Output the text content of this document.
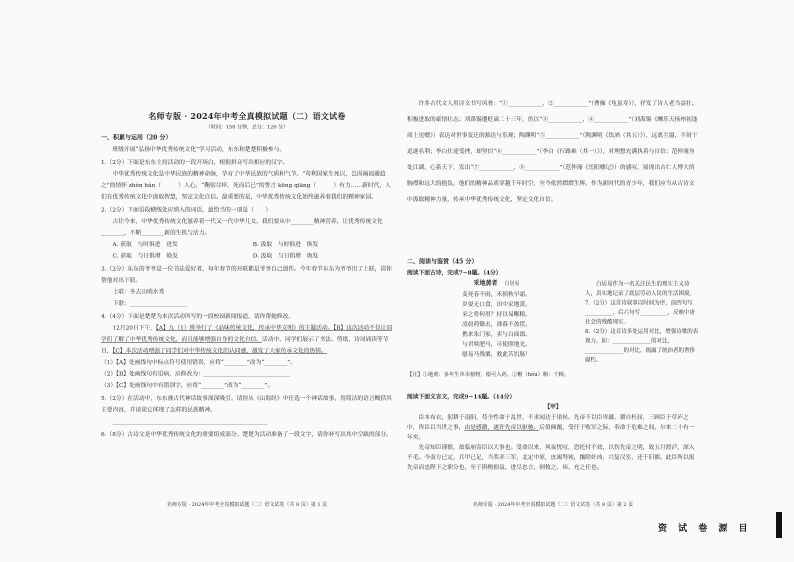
名师专版 · 2024年中考全真模拟试题（二）语文试卷
（时间：150 分钟，总分：120 分）
一、积累与运用（20 分）
班级开展“弘扬中华优秀传统文化”学习活动，东东和楚楚积极参与。
1.（2分）下面是东东主持活动的一段开场白，根据拼音写出相应的汉字。
中华优秀传统文化是中华民族的精神命脉，孕育了中华民族的气质和气节。“苟利国家生死以，岂因祸福避趋之”的情怀 zhèn hàn（　　　）人心，“鞠躬尽瘁，死而后已”的誓言 kēng qiāng（　　　）有力……新时代，人们在优秀传统文化中汲取智慧，坚定文化自信。最重要的是，中华优秀传统文化始终滋养着我们的精神家园。
2.（2分）下面语段横线处应填入的词语，最恰当的一项是（　　）
古往今来，中华优秀传统文化滋养着一代又一代中华儿女。我们要从中________精神营养，让优秀传统文化________，不断________新的生机与活力。
A. 获取　与时俱进　迸发	B. 汲取　与时俱进　焕发
C. 获取　与日俱增　焕发	D. 汲取　与日俱增　焕发
3.（2分）东东的爷爷是一位书法爱好者，每年春节的对联都是爷爷自己创作。今年春节东东为爷爷出了上联，请你帮他对出下联。
上联：冬去山明水秀
下联：____________________
4.（4分）下面是楚楚为本次活动所写的一段校园新闻报道，请你帮她修改。
12月20日下午，【A】九（1）班举行了《品味传统文化，传承中华文明》的主题活动。【B】这次活动不仅让同学们了解了中华优秀传统文化，而且能够增强自身的文化自信。活动中，同学们展示了书法、剪纸、诗词诵读等节目，【C】本次活动增强了同学们对中华传统文化的认同感，激发了大家传承文化的热情。
（1）【A】处画线句中标点符号使用错误，应将“________”改为“________”。
（2）【B】处画线句有语病，应修改为：______________________________
（3）【C】处画线句中有错别字，应将“________”改为“________”。
5.（2分）在活动中，东东被古代神话故事深深吸引。请你从《山海经》中任选一个神话故事，用简洁的语言概括其主要内容，并谈谈它体现了怎样的民族精神。
______________________________________________________
6.（8分）古诗文是中华优秀传统文化的重要组成部分。楚楚为活动准备了一段文字，请你补写出其中空缺的部分。
名师专版 · 2024年中考全真模拟试题（二）语文试卷（共 8 页）第 1 页
许多古代文人用诗文书写风骨：“①____________，②____________”（曹操《龟虽寿》），抒发了诗人老当益壮、积极进取的豪情壮志；刘禹锡遭贬谪二十三年，仍以“③____________，④____________”（刘禹锡《酬乐天扬州初逢席上见赠》）表达对世事变迁的豁达与乐观；陶渊明“⑤____________”（陶渊明《饮酒（其五）》），远离尘嚣，不屑于追逐名利；李白仕途受挫，却坚信“⑥____________”（李白《行路难（其一）》），对理想充满执着与自信；范仲淹身处江湖，心系天下，发出“⑦____________，⑧____________”（范仲淹《岳阳楼记》）的感叹，展现出古仁人博大的胸襟和远大的抱负。他们的精神品质穿越千年时空，至今依然熠熠生辉。作为新时代的青少年，我们应当从古诗文中汲取精神力量，传承中华优秀传统文化，坚定文化自信。
二、阅读与鉴赏（45 分）
阅读下面古诗，完成7~8题。（4分）
采地黄者 白居易
麦死春不雨，禾损秋早霜。
岁晏无口食，田中采地黄。
采之将何用？持以易糇粮。
凌晨荷锄去，薄暮不盈筐。
携来朱门家，卖与白面郎。
与君啖肥马，可使照地光。
愿易马残粟，救此苦饥肠！
白居易作为一名关注民生的现实主义诗人，真实地记录了底层劳动人民的生活困境。
7.（2分）这首诗叙事以时间为序，前四句写__________，后六句写__________，反映中唐社会的残酷现实。
8.（2分）这首诗多处运用对比，增强诗歌的表现力。如：______________的对比，______________的对比，揭露了统治者的奢侈腐朽。
【注】①地黄：多年生草本植物，根可入药。②糇（hóu）粮：干粮。
阅读下面文言文，完成9~14题。（14分）
【甲】
臣本布衣，躬耕于南阳，苟全性命于乱世，不求闻达于诸侯。先帝不以臣卑鄙，猥自枉屈，三顾臣于草庐之中，咨臣以当世之事，由是感激，遂许先帝以驱驰。后值倾覆，受任于败军之际，奉命于危难之间，尔来二十有一年矣。
先帝知臣谨慎，故临崩寄臣以大事也。受命以来，夙夜忧叹，恐托付不效，以伤先帝之明，故五月渡泸，深入不毛。今南方已定，兵甲已足，当奖率三军，北定中原，庶竭驽钝，攘除奸凶，兴复汉室，还于旧都。此臣所以报先帝而忠陛下之职分也。至于斟酌损益，进尽忠言，则攸之、祎、允之任也。
名师专版 · 2024年中考全真模拟试题（二）语文试卷（共 8 页）第 2 页
资 试 卷 源 目
